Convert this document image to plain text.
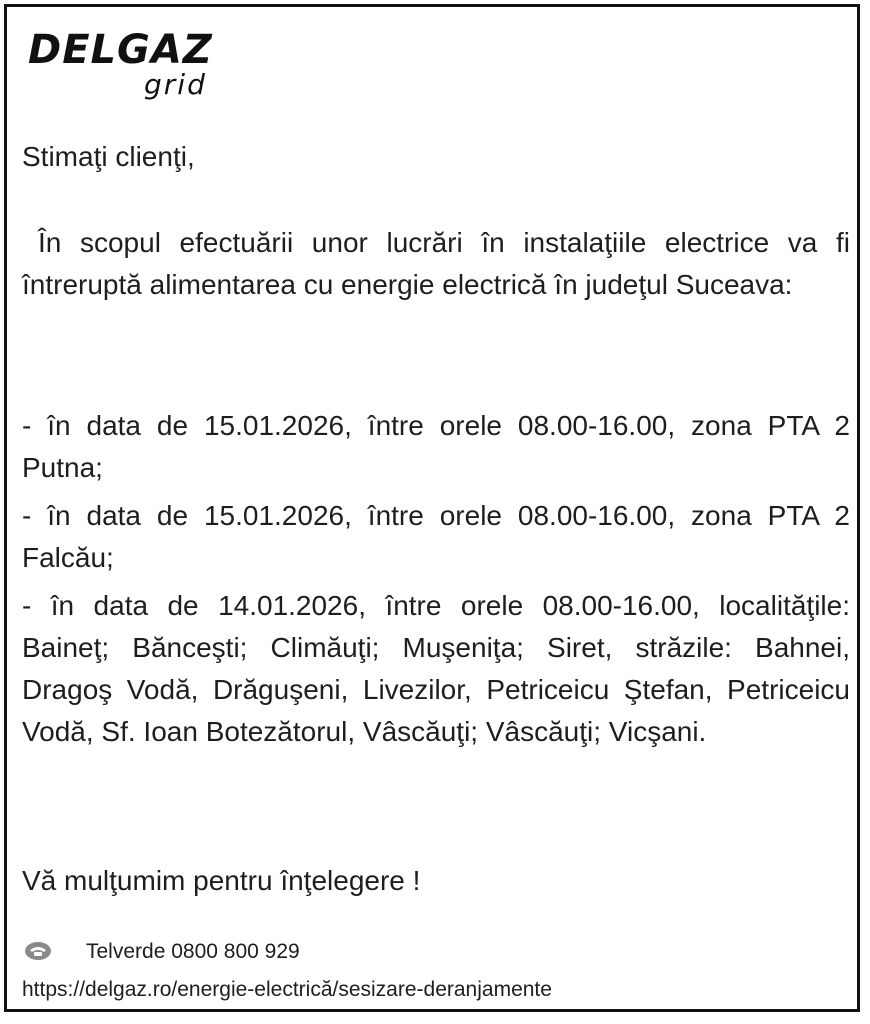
DELGAZ
grid
Stimaţi clienţi,
În scopul efectuării unor lucrări în instalaţiile electrice va fi întreruptă alimentarea cu energie electrică în judeţul Suceava:
- în data de 15.01.2026, între orele 08.00-16.00, zona PTA 2 Putna;
- în data de 15.01.2026, între orele 08.00-16.00, zona PTA 2 Falcău;
- în data de 14.01.2026, între orele 08.00-16.00, localităţile: Baineţ; Bănceşti; Climăuţi; Muşeniţa; Siret, străzile: Bahnei, Dragoş Vodă, Drăguşeni, Livezilor, Petriceicu Ştefan, Petriceicu Vodă, Sf. Ioan Botezătorul, Vâscăuţi; Vâscăuţi; Vicşani.
Vă mulţumim pentru înţelegere !
Telverde 0800 800 929
https://delgaz.ro/energie-electrică/sesizare-deranjamente
